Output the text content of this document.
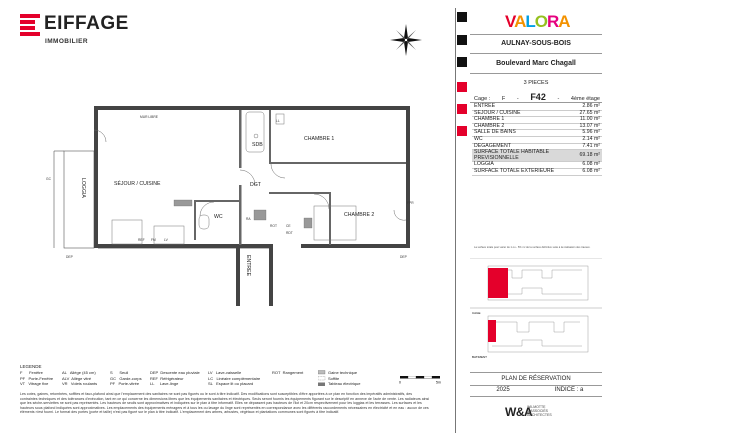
EIFFAGE
IMMOBILIER
SÉJOUR / CUISINE
CHAMBRE 1
CHAMBRE 2
SDB
DGT
WC
LOGGIA
ENTREE
MUR LIBRE
REF FM LV
LL
RA
ROT	CE
RDT
GC
DEP	DEP
FPR
LEGENDE
F      Fenêtre
PF   Porte-Fenêtre
VT   Vitrage fixe
AL   Allège (45 cm)
ALV  Allège vitré
VR   Volets roulants
S      Seuil
GC   Garde-corps
PF   Porte-vitrée
DEP  Descente eau pluviale
REF  Réfrigérateur
LL     Lave-linge
LV   Lave-vaisselle
LC   Linéaire complémentaire
SL   Espace lit ou placard
ROT  Rangement	Gaine technique
Soffite
Tableau électrique	0	5m
Les cotes, gaines, retombées, soffites et faux-plafond ainsi que l'emplacement des sanitaires ne sont pas figurés ou le sont à titre indicatif. Des modifications sont susceptibles d'être apportées à ce plan en fonction des impératifs administratifs, des contraintes techniques et des tolérances d'exécution, tant en ce qui concerne les dimensions libres que les équipements sanitaires et électriques. Seuls seront fournis les équipements figurant sur le descriptif en annexe de l'acte de vente. Les radiateurs ainsi que les sèche-serviettes ne sont pas représentés. Les hauteurs de seuils sont approximatives et indiquées sur le plan à titre informatif. Elles ne dépassent pas hauteurs de l'ilot et 20cm respectivement pour les loggias et les terrasses. Les surfaces et les hauteurs sous plafond indiquées sont approximatives. Les emplacements des équipements ménagers et à tous les ou lavage du linge sont représentés en correspondance avec les différents raccordements nécessaires en électricité et en eau : aucun de ces éléments n'est fourni. Le format des portes (porte et taille) n'est pas figuré sur le plan à titre indicatif. L'emplacement des arbres, arbustes, végétaux et plantations communes sont figurés à titre indicatif.
VALORA
AULNAY-SOUS-BOIS
Boulevard Marc Chagall
3 PIECES
Cage : F - F42 - 4ème étage
ENTREE	2.86 m²
SEJOUR / CUISINE	27.65 m²
CHAMBRE 1	11.00 m²
CHAMBRE 2	13.07 m²
SALLE DE BAINS	5.96 m²
WC	2.14 m²
DEGAGEMENT	7.41 m²
SURFACE TOTALE HABITABLE PREVISIONNELLE	69.18 m²
LOGGIA	6.08 m²
SURFACE TOTALE EXTERIEURE	6.08 m²
La surface totale peut varier de 1 ou - 5% m² de la surface définitive suite à la réalisation des travaux.
CAGE
BATIMENT
PLAN DE RÉSERVATION
2025	INDICE : a
W&A
WILMOTTE
& ASSOCIÉS
ARCHITECTES
